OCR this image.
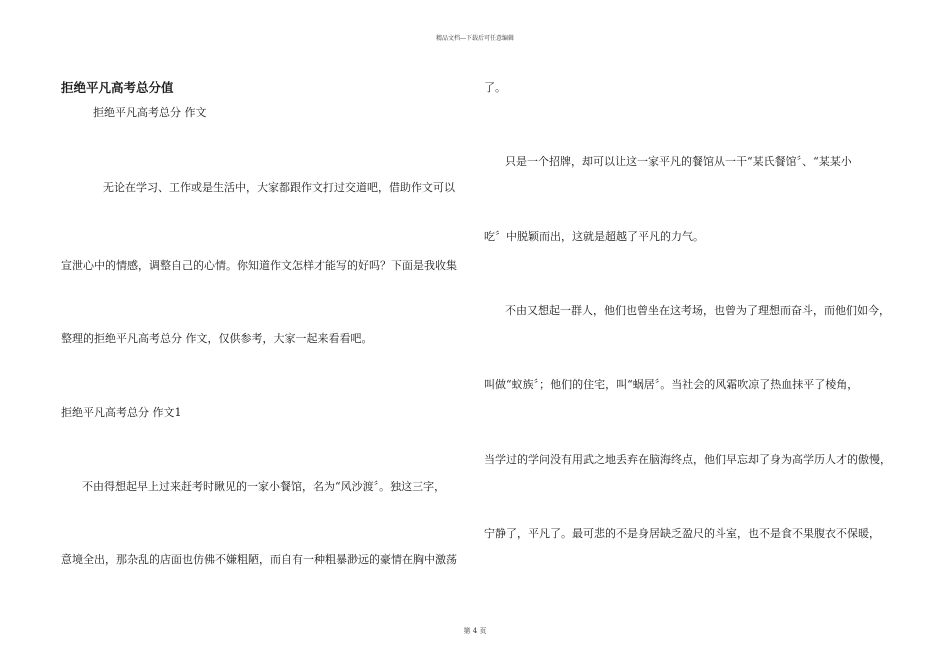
精品文档---下载后可任意编辑
拒绝平凡高考总分值
拒绝平凡高考总分 作文
无论在学习、工作或是生活中，大家都跟作文打过交道吧，借助作文可以
宣泄心中的情感，调整自己的心情。你知道作文怎样才能写的好吗？下面是我收集
整理的拒绝平凡高考总分 作文，仅供参考，大家一起来看看吧。
拒绝平凡高考总分 作文1
不由得想起早上过来赶考时瞅见的一家小餐馆，名为“风沙渡〞。独这三字，
意境全出，那杂乱的店面也仿佛不嫌粗陋，而自有一种粗暴渺远的豪情在胸中激荡
了。
只是一个招牌，却可以让这一家平凡的餐馆从一干“某氏餐馆〞、“某某小
吃〞中脱颖而出，这就是超越了平凡的力气。
不由又想起一群人，他们也曾坐在这考场，也曾为了理想而奋斗，而他们如今，
叫做“蚁族〞；他们的住宅，叫“蜗居〞。当社会的风霜吹凉了热血抹平了棱角，
当学过的学问没有用武之地丢弃在脑海终点，他们早忘却了身为高学历人才的傲慢，
宁静了，平凡了。最可悲的不是身居缺乏盈尺的斗室，也不是食不果腹衣不保暖，
第 4 页
